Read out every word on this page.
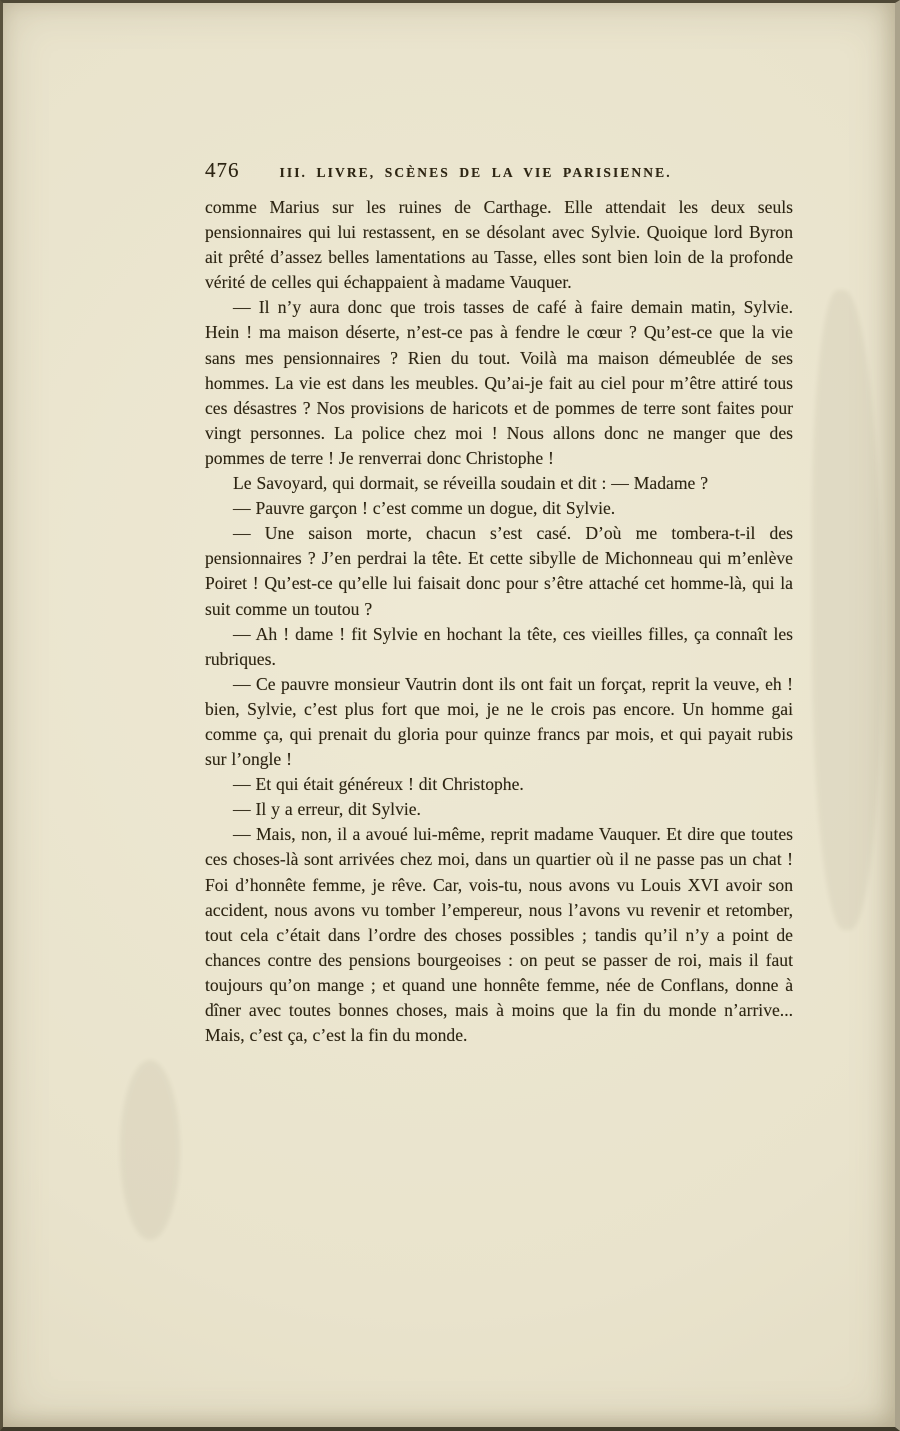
476	III. LIVRE, SCÈNES DE LA VIE PARISIENNE.

comme Marius sur les ruines de Carthage. Elle attendait les deux seuls pensionnaires qui lui restassent, en se désolant avec Sylvie. Quoique lord Byron ait prêté d’assez belles lamentations au Tasse, elles sont bien loin de la profonde vérité de celles qui échappaient à madame Vauquer.

— Il n’y aura donc que trois tasses de café à faire demain matin, Sylvie. Hein ! ma maison déserte, n’est-ce pas à fendre le cœur ? Qu’est-ce que la vie sans mes pensionnaires ? Rien du tout. Voilà ma maison démeublée de ses hommes. La vie est dans les meubles. Qu’ai-je fait au ciel pour m’être attiré tous ces désastres ? Nos provisions de haricots et de pommes de terre sont faites pour vingt personnes. La police chez moi ! Nous allons donc ne manger que des pommes de terre ! Je renverrai donc Christophe !

Le Savoyard, qui dormait, se réveilla soudain et dit : — Madame ?

— Pauvre garçon ! c’est comme un dogue, dit Sylvie.

— Une saison morte, chacun s’est casé. D’où me tombera-t-il des pensionnaires ? J’en perdrai la tête. Et cette sibylle de Michonneau qui m’enlève Poiret ! Qu’est-ce qu’elle lui faisait donc pour s’être attaché cet homme-là, qui la suit comme un toutou ?

— Ah ! dame ! fit Sylvie en hochant la tête, ces vieilles filles, ça connaît les rubriques.

— Ce pauvre monsieur Vautrin dont ils ont fait un forçat, reprit la veuve, eh ! bien, Sylvie, c’est plus fort que moi, je ne le crois pas encore. Un homme gai comme ça, qui prenait du gloria pour quinze francs par mois, et qui payait rubis sur l’ongle !

— Et qui était généreux ! dit Christophe.

— Il y a erreur, dit Sylvie.

— Mais, non, il a avoué lui-même, reprit madame Vauquer. Et dire que toutes ces choses-là sont arrivées chez moi, dans un quartier où il ne passe pas un chat ! Foi d’honnête femme, je rêve. Car, vois-tu, nous avons vu Louis XVI avoir son accident, nous avons vu tomber l’empereur, nous l’avons vu revenir et retomber, tout cela c’était dans l’ordre des choses possibles ; tandis qu’il n’y a point de chances contre des pensions bourgeoises : on peut se passer de roi, mais il faut toujours qu’on mange ; et quand une honnête femme, née de Conflans, donne à dîner avec toutes bonnes choses, mais à moins que la fin du monde n’arrive... Mais, c’est ça, c’est la fin du monde.
